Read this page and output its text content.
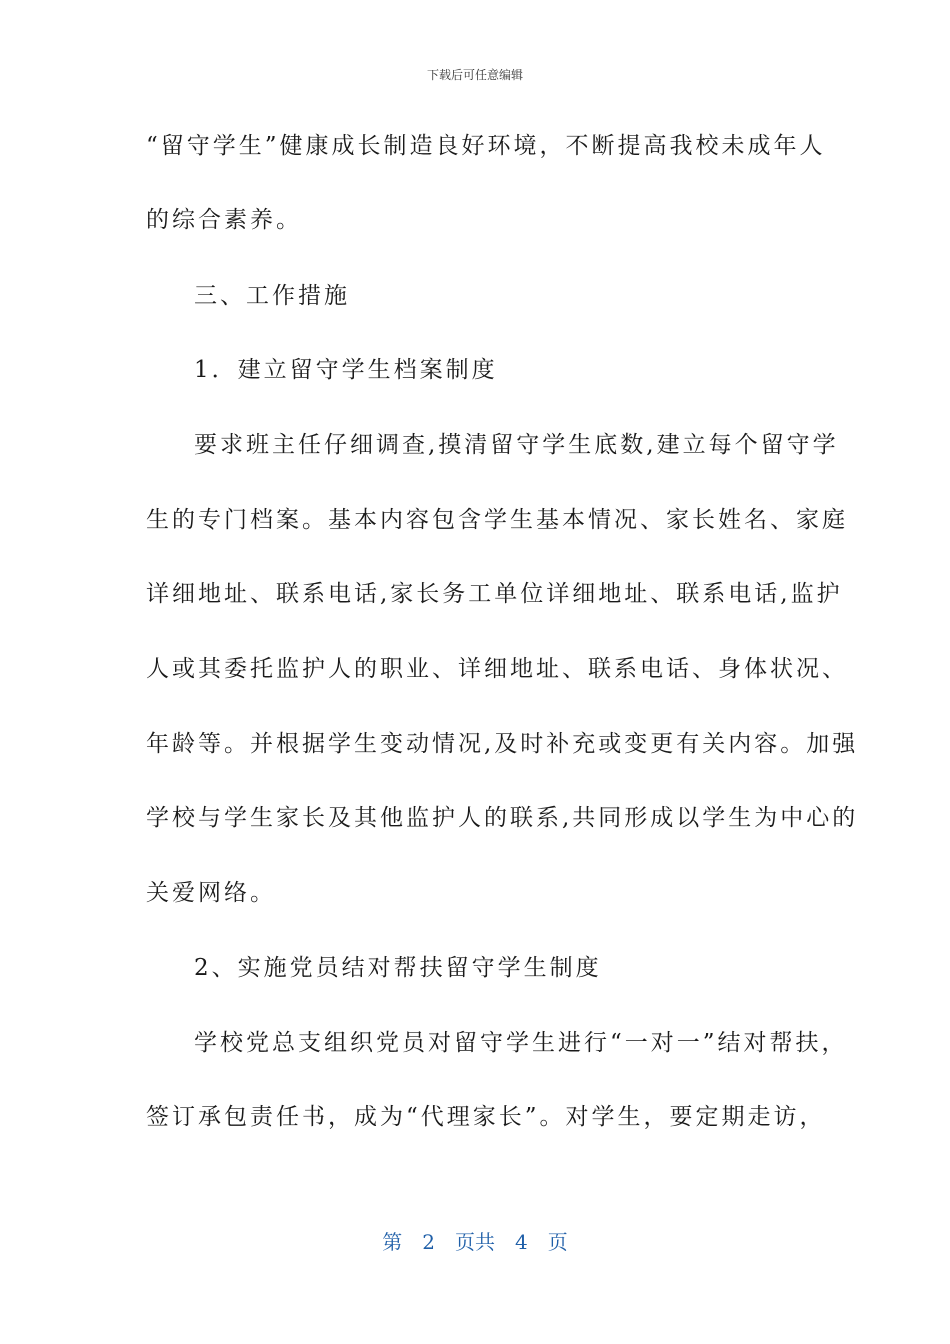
下载后可任意编辑
“留守学生”健康成长制造良好环境，不断提高我校未成年人
的综合素养。
三、工作措施
1．建立留守学生档案制度
要求班主任仔细调查,摸清留守学生底数,建立每个留守学
生的专门档案。基本内容包含学生基本情况、家长姓名、家庭
详细地址、联系电话,家长务工单位详细地址、联系电话,监护
人或其委托监护人的职业、详细地址、联系电话、身体状况、
年龄等。并根据学生变动情况,及时补充或变更有关内容。加强
学校与学生家长及其他监护人的联系,共同形成以学生为中心的
关爱网络。
2、实施党员结对帮扶留守学生制度
学校党总支组织党员对留守学生进行“一对一”结对帮扶，
签订承包责任书，成为“代理家长”。对学生，要定期走访，
第 2 页共 4 页
